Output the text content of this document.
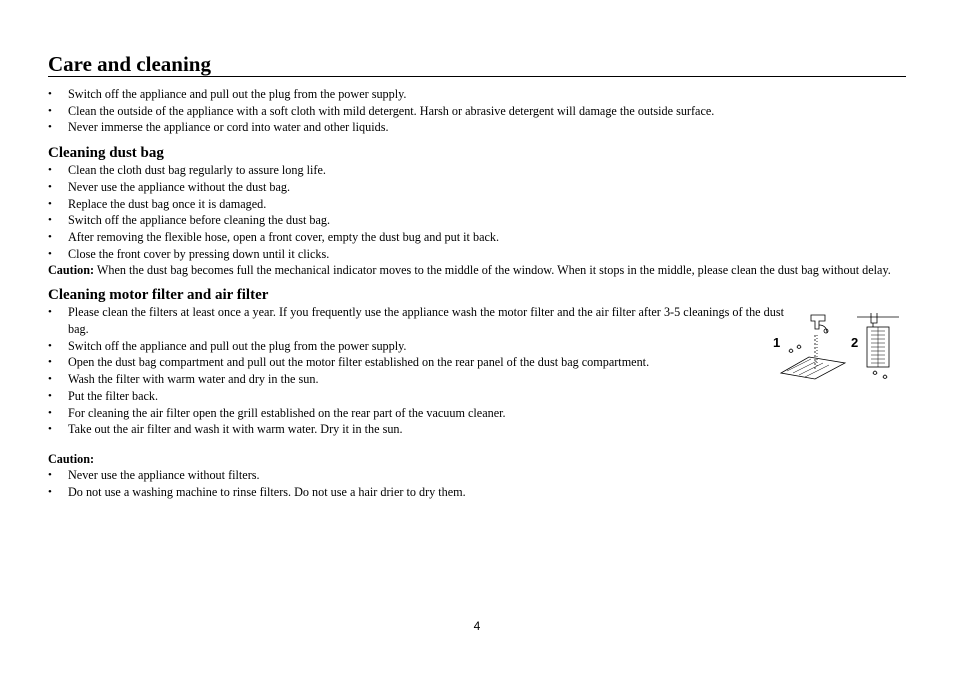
Care and cleaning
• Switch off the appliance and pull out the plug from the power supply.
• Clean the outside of the appliance with a soft cloth with mild detergent. Harsh or abrasive detergent will damage the outside surface.
• Never immerse the appliance or cord into water and other liquids.
Cleaning dust bag
• Clean the cloth dust bag regularly to assure long life.
• Never use the appliance without the dust bag.
• Replace the dust bag once it is damaged.
• Switch off the appliance before cleaning the dust bag.
• After removing the flexible hose, open a front cover, empty the dust bug and put it back.
• Close the front cover by pressing down until it clicks.
Caution: When the dust bag becomes full the mechanical indicator moves to the middle of the window. When it stops in the middle, please clean the dust bag without delay.
Cleaning motor filter and air filter
• Please clean the filters at least once a year. If you frequently use the appliance wash the motor filter and the air filter after 3-5 cleanings of the dust bag.
• Switch off the appliance and pull out the plug from the power supply.
• Open the dust bag compartment and pull out the motor filter established on the rear panel of the dust bag compartment.
• Wash the filter with warm water and dry in the sun.
• Put the filter back.
• For cleaning the air filter open the grill established on the rear part of the vacuum cleaner.
• Take out the air filter and wash it with warm water. Dry it in the sun.
Caution:
• Never use the appliance without filters.
• Do not use a washing machine to rinse filters. Do not use a hair drier to dry them.
1	2
4
